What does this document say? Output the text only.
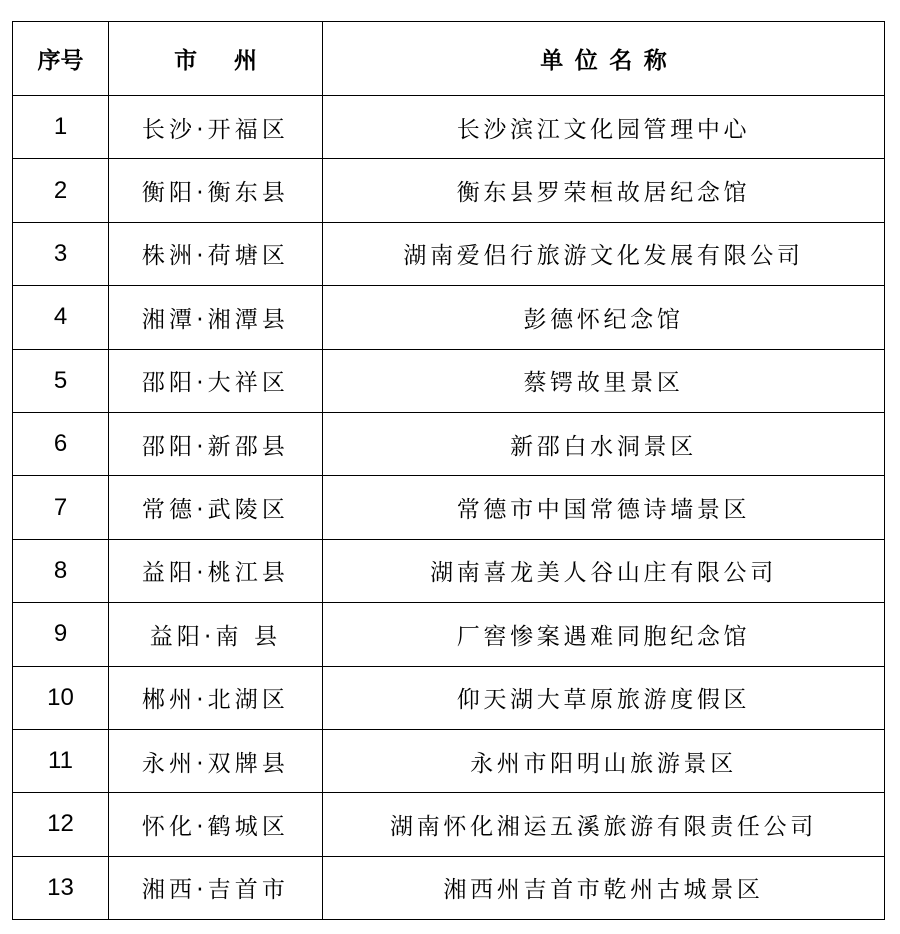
序号	市州	单位名称
1	长沙·开福区	长沙滨江文化园管理中心
2	衡阳·衡东县	衡东县罗荣桓故居纪念馆
3	株洲·荷塘区	湖南爱侣行旅游文化发展有限公司
4	湘潭·湘潭县	彭德怀纪念馆
5	邵阳·大祥区	蔡锷故里景区
6	邵阳·新邵县	新邵白水洞景区
7	常德·武陵区	常德市中国常德诗墙景区
8	益阳·桃江县	湖南喜龙美人谷山庄有限公司
9	益阳·南 县	厂窖惨案遇难同胞纪念馆
10	郴州·北湖区	仰天湖大草原旅游度假区
11	永州·双牌县	永州市阳明山旅游景区
12	怀化·鹤城区	湖南怀化湘运五溪旅游有限责任公司
13	湘西·吉首市	湘西州吉首市乾州古城景区
